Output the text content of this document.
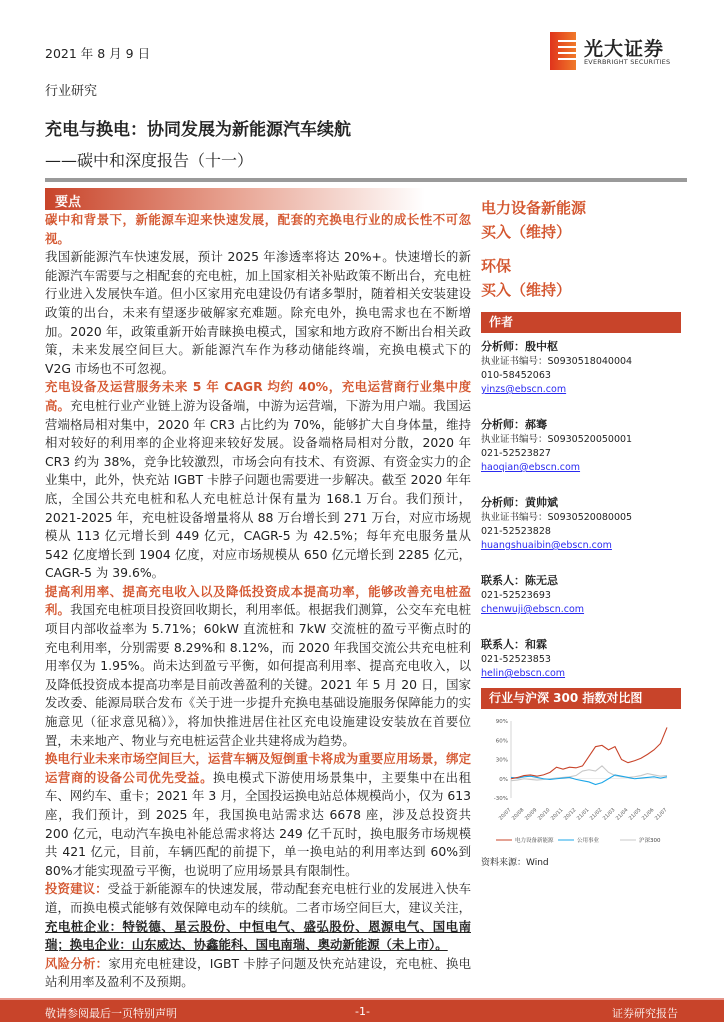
2021 年 8 月 9 日	光大证券
EVERBRIGHT SECURITIES
行业研究
充电与换电：协同发展为新能源汽车续航
——碳中和深度报告（十一）
要点

碳中和背景下，新能源车迎来快速发展，配套的充换电行业的成长性不可忽视。
我国新能源汽车快速发展，预计 2025 年渗透率将达 20%+。快速增长的新能源汽车需要与之相配套的充电桩，加上国家相关补贴政策不断出台，充电桩行业进入发展快车道。但小区家用充电建设仍有诸多掣肘，随着相关安装建设政策的出台，未来有望逐步破解家充难题。除充电外，换电需求也在不断增加。2020 年，政策重新开始青睐换电模式，国家和地方政府不断出台相关政策，未来发展空间巨大。新能源汽车作为移动储能终端，充换电模式下的 V2G 市场也不可忽视。

充电设备及运营服务未来 5 年 CAGR 均约 40%，充电运营商行业集中度高。充电桩行业产业链上游为设备端，中游为运营端，下游为用户端。我国运营端格局相对集中，2020 年 CR3 占比约为 70%，能够扩大自身体量，维持相对较好的利用率的企业将迎来较好发展。设备端格局相对分散，2020 年 CR3 约为 38%，竞争比较激烈，市场会向有技术、有资源、有资金实力的企业集中，此外，快充站 IGBT 卡脖子问题也需要进一步解决。截至 2020 年年底，全国公共充电桩和私人充电桩总计保有量为 168.1 万台。我们预计，2021-2025 年，充电桩设备增量将从 88 万台增长到 271 万台，对应市场规模从 113 亿元增长到 449 亿元，CAGR-5 为 42.5%；每年充电服务量从 542 亿度增长到 1904 亿度，对应市场规模从 650 亿元增长到 2285 亿元，CAGR-5 为 39.6%。

提高利用率、提高充电收入以及降低投资成本提高功率，能够改善充电桩盈利。我国充电桩项目投资回收期长，利用率低。根据我们测算，公交车充电桩项目内部收益率为 5.71%；60kW 直流桩和 7kW 交流桩的盈亏平衡点时的充电利用率，分别需要 8.29%和 8.12%，而 2020 年我国交流公共充电桩利用率仅为 1.95%。尚未达到盈亏平衡，如何提高利用率、提高充电收入，以及降低投资成本提高功率是目前改善盈利的关键。2021 年 5 月 20 日，国家发改委、能源局联合发布《关于进一步提升充换电基础设施服务保障能力的实施意见（征求意见稿）》，将加快推进居住社区充电设施建设安装放在首要位置，未来地产、物业与充电桩运营企业共建将成为趋势。

换电行业未来市场空间巨大，运营车辆及短倒重卡将成为重要应用场景，绑定运营商的设备公司优先受益。换电模式下游使用场景集中，主要集中在出租车、网约车、重卡；2021 年 3 月，全国投运换电站总体规模尚小，仅为 613 座，我们预计，到 2025 年，我国换电站需求达 6678 座，涉及总投资共 200 亿元，电动汽车换电补能总需求将达 249 亿千瓦时，换电服务市场规模共 421 亿元，目前，车辆匹配的前提下，单一换电站的利用率达到 60%到 80%才能实现盈亏平衡，也说明了应用场景具有限制性。

投资建议：受益于新能源车的快速发展，带动配套充电桩行业的发展进入快车道，而换电模式能够有效保障电动车的续航。二者市场空间巨大，建议关注，充电桩企业：特锐德、星云股份、中恒电气、盛弘股份、恩源电气、国电南瑞；换电企业：山东威达、协鑫能科、国电南瑞、奥动新能源（未上市）。

风险分析：家用充电桩建设，IGBT 卡脖子问题及快充站建设，充电桩、换电站利用率及盈利不及预期。

电力设备新能源
买入（维持）
环保
买入（维持）
作者
分析师：殷中枢
执业证书编号：S0930518040004
010-58452063
yinzs@ebscn.com
分析师：郝骞
执业证书编号：S0930520050001
021-52523827
haoqian@ebscn.com
分析师：黄帅斌
执业证书编号：S0930520080005
021-52523828
huangshuaibin@ebscn.com
联系人：陈无忌
021-52523693
chenwuji@ebscn.com
联系人：和霖
021-52523853
helin@ebscn.com
行业与沪深 300 指数对比图
90%
60%
30%
0%
-30%
20/07
20/08
20/09
20/10
20/11
20/12
21/01
21/02
21/03
21/04
21/05
21/06
21/07
电力设备新能源	公用事业	沪深300
资料来源：Wind
敬请参阅最后一页特别声明	-1-	证券研究报告
